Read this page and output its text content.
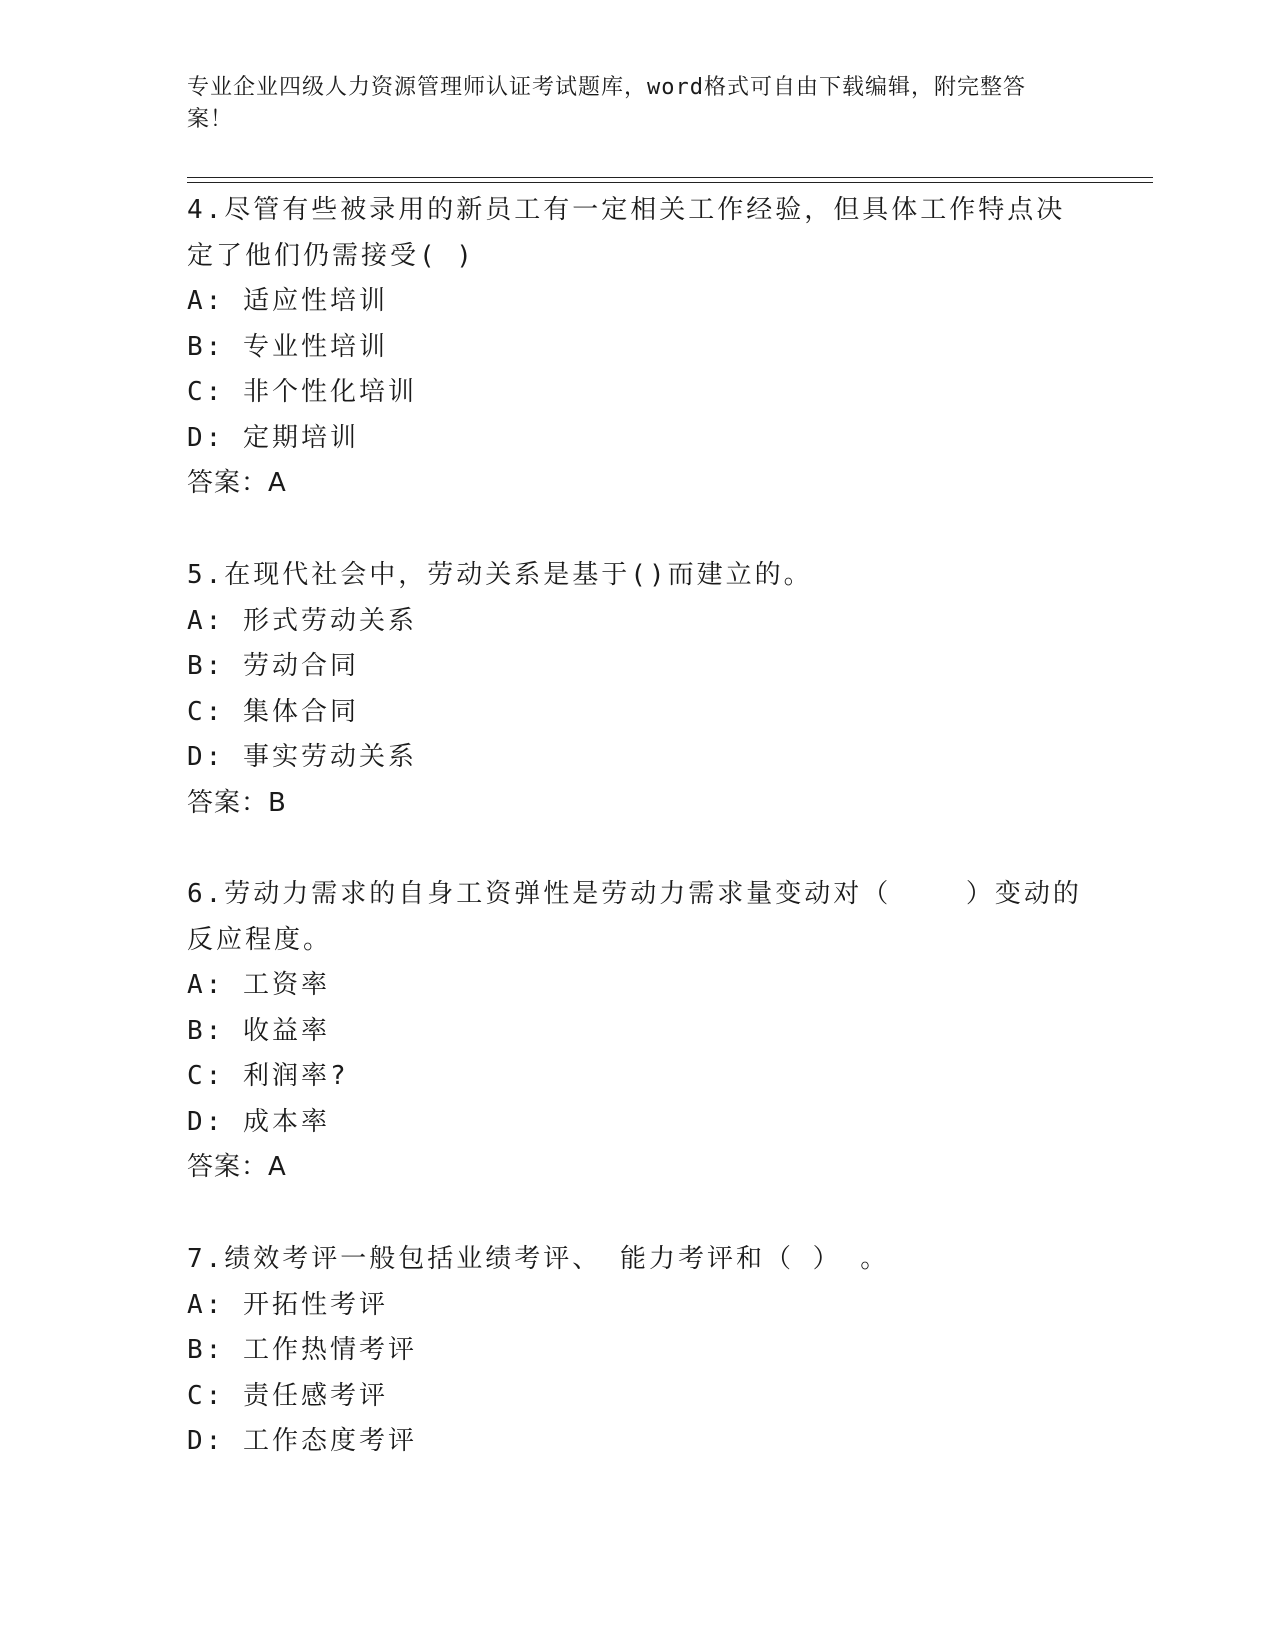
专业企业四级人力资源管理师认证考试题库，word格式可自由下载编辑，附完整答案！
4.尽管有些被录用的新员工有一定相关工作经验，但具体工作特点决
定了他们仍需接受( )
A: 适应性培训
B: 专业性培训
C: 非个性化培训
D: 定期培训
答案：A
5.在现代社会中，劳动关系是基于()而建立的。
A: 形式劳动关系
B: 劳动合同
C: 集体合同
D: 事实劳动关系
答案：B
6.劳动力需求的自身工资弹性是劳动力需求量变动对（    ）变动的
反应程度。
A: 工资率
B: 收益率
C: 利润率?
D: 成本率
答案：A
7.绩效考评一般包括业绩考评、 能力考评和（ ） 。
A: 开拓性考评
B: 工作热情考评
C: 责任感考评
D: 工作态度考评
